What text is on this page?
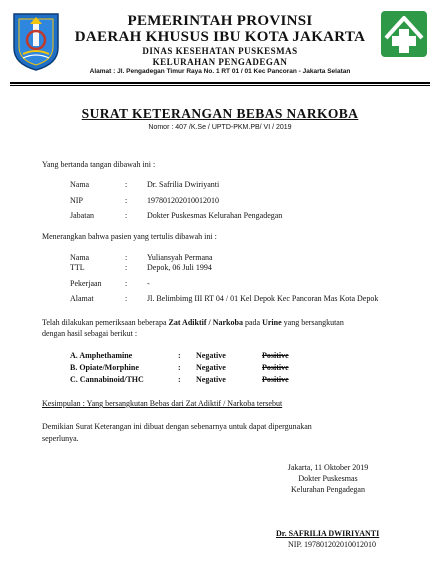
PEMERINTAH PROVINSI
DAERAH KHUSUS IBU KOTA JAKARTA
DINAS KESEHATAN PUSKESMAS
KELURAHAN PENGADEGAN
Alamat : Jl. Pengadegan Timur Raya No. 1 RT 01 / 01 Kec Pancoran - Jakarta Selatan
SURAT KETERANGAN BEBAS NARKOBA
Nomor : 407 /K.Se / UPTD-PKM.PB/ VI / 2019
Yang bertanda tangan dibawah ini :
Nama	: Dr. Safrilia Dwiriyanti
NIP	: 197801202010012010
Jabatan	: Dokter Puskesmas Kelurahan Pengadegan
Menerangkan bahwa pasien yang tertulis dibawah ini :
Nama	: Yuliansyah Permana
TTL	: Depok, 06 Juli 1994
Pekerjaan	: -
Alamat	: Jl. Belimbimg III RT 04 / 01 Kel Depok Kec Pancoran Mas Kota Depok
Telah dilakukan pemeriksaan beberapa Zat Adiktif / Narkoba pada Urine yang bersangkutan
dengan hasil sebagai berikut :
A. Amphethamine	: Negative	Positive
B. Opiate/Morphine	: Negative	Positive
C. Cannabinoid/THC	: Negative	Positive
Kesimpulan : Yang bersangkutan Bebas dari Zat Adiktif / Narkoba tersebut
Demikian Surat Keterangan ini dibuat dengan sebenarnya untuk dapat dipergunakan
seperlunya.
Jakarta, 11 Oktober 2019
Dokter Puskesmas
Kelurahan Pengadegan
Dr. SAFRILIA DWIRIYANTI
NIP. 197801202010012010
